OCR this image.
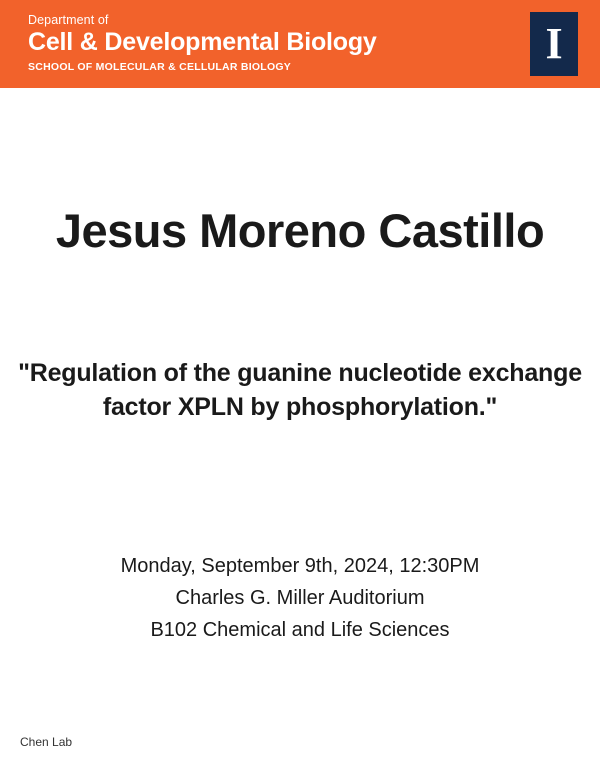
Department of
Cell & Developmental Biology
SCHOOL OF MOLECULAR & CELLULAR BIOLOGY	I
Jesus Moreno Castillo
"Regulation of the guanine nucleotide exchange factor XPLN by phosphorylation."
Monday, September 9th, 2024, 12:30PM
Charles G. Miller Auditorium
B102 Chemical and Life Sciences
Chen Lab
